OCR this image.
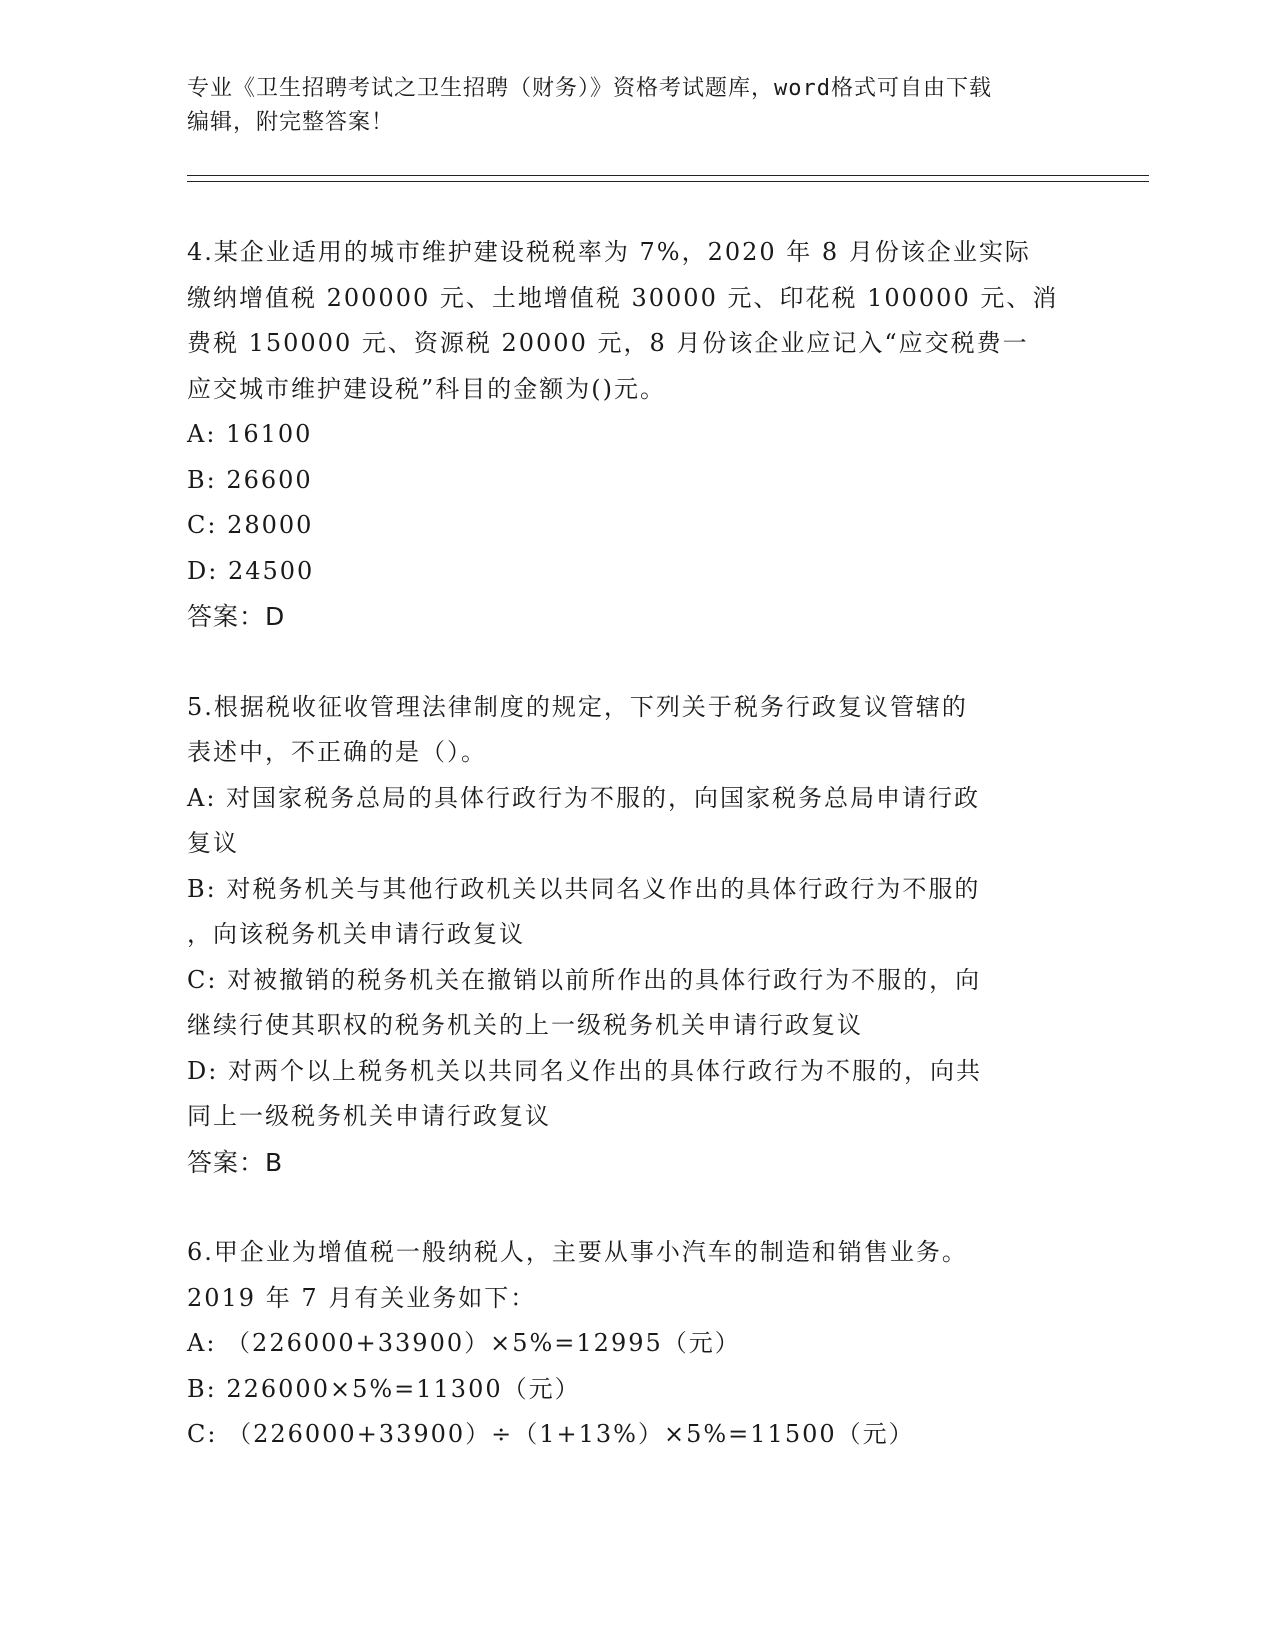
专业《卫生招聘考试之卫生招聘（财务）》资格考试题库，word格式可自由下载
编辑，附完整答案！

4.某企业适用的城市维护建设税税率为 7%，2020 年 8 月份该企业实际

缴纳增值税 200000 元、土地增值税 30000 元、印花税 100000 元、消

费税 150000 元、资源税 20000 元，8 月份该企业应记入“应交税费一

应交城市维护建设税”科目的金额为()元。

A: 16100

B: 26600

C: 28000

D: 24500

答案：D

5.根据税收征收管理法律制度的规定，下列关于税务行政复议管辖的

表述中，不正确的是（）。

A: 对国家税务总局的具体行政行为不服的，向国家税务总局申请行政

复议

B: 对税务机关与其他行政机关以共同名义作出的具体行政行为不服的

，向该税务机关申请行政复议

C: 对被撤销的税务机关在撤销以前所作出的具体行政行为不服的，向

继续行使其职权的税务机关的上一级税务机关申请行政复议

D: 对两个以上税务机关以共同名义作出的具体行政行为不服的，向共

同上一级税务机关申请行政复议

答案：B

6.甲企业为增值税一般纳税人，主要从事小汽车的制造和销售业务。

2019 年 7 月有关业务如下：

A: （226000+33900）×5%=12995（元）

B: 226000×5%=11300（元）

C: （226000+33900）÷（1+13%）×5%=11500（元）
